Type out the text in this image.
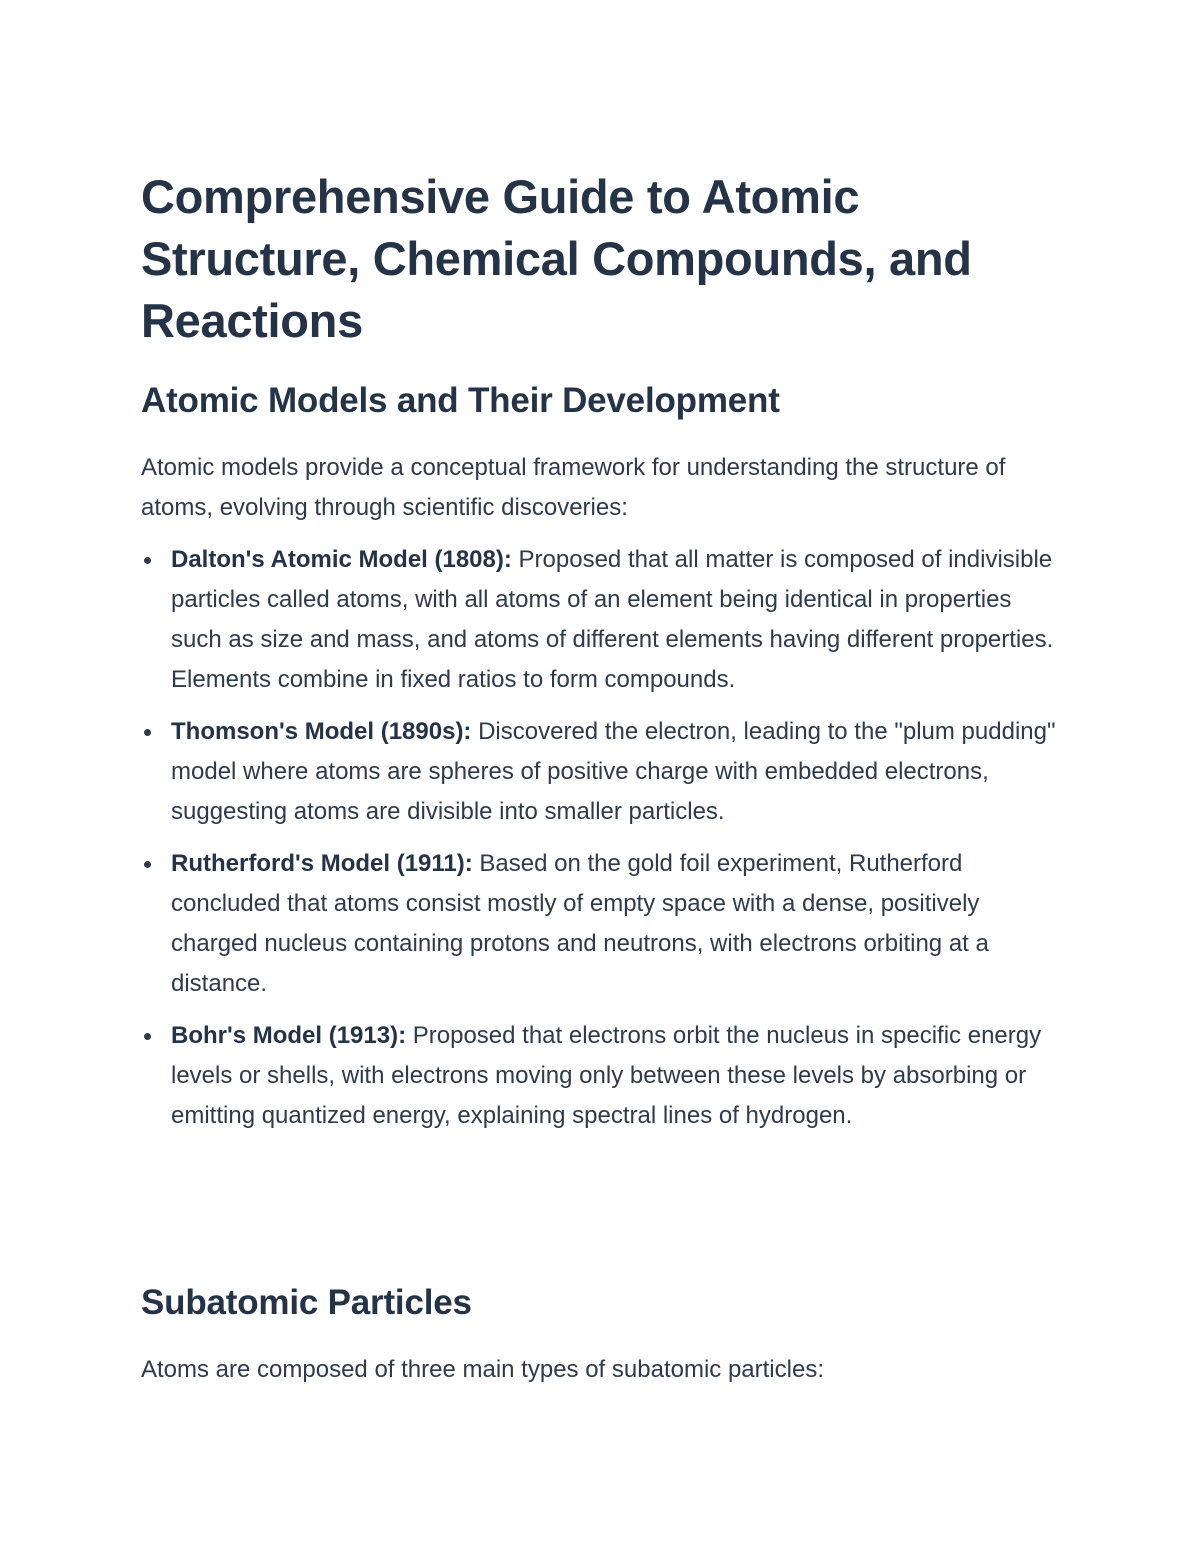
Comprehensive Guide to Atomic Structure, Chemical Compounds, and Reactions
Atomic Models and Their Development

Atomic models provide a conceptual framework for understanding the structure of atoms, evolving through scientific discoveries:

Dalton's Atomic Model (1808): Proposed that all matter is composed of indivisible particles called atoms, with all atoms of an element being identical in properties such as size and mass, and atoms of different elements having different properties. Elements combine in fixed ratios to form compounds.
Thomson's Model (1890s): Discovered the electron, leading to the "plum pudding" model where atoms are spheres of positive charge with embedded electrons, suggesting atoms are divisible into smaller particles.
Rutherford's Model (1911): Based on the gold foil experiment, Rutherford concluded that atoms consist mostly of empty space with a dense, positively charged nucleus containing protons and neutrons, with electrons orbiting at a distance.
Bohr's Model (1913): Proposed that electrons orbit the nucleus in specific energy levels or shells, with electrons moving only between these levels by absorbing or emitting quantized energy, explaining spectral lines of hydrogen.
Subatomic Particles

Atoms are composed of three main types of subatomic particles:
